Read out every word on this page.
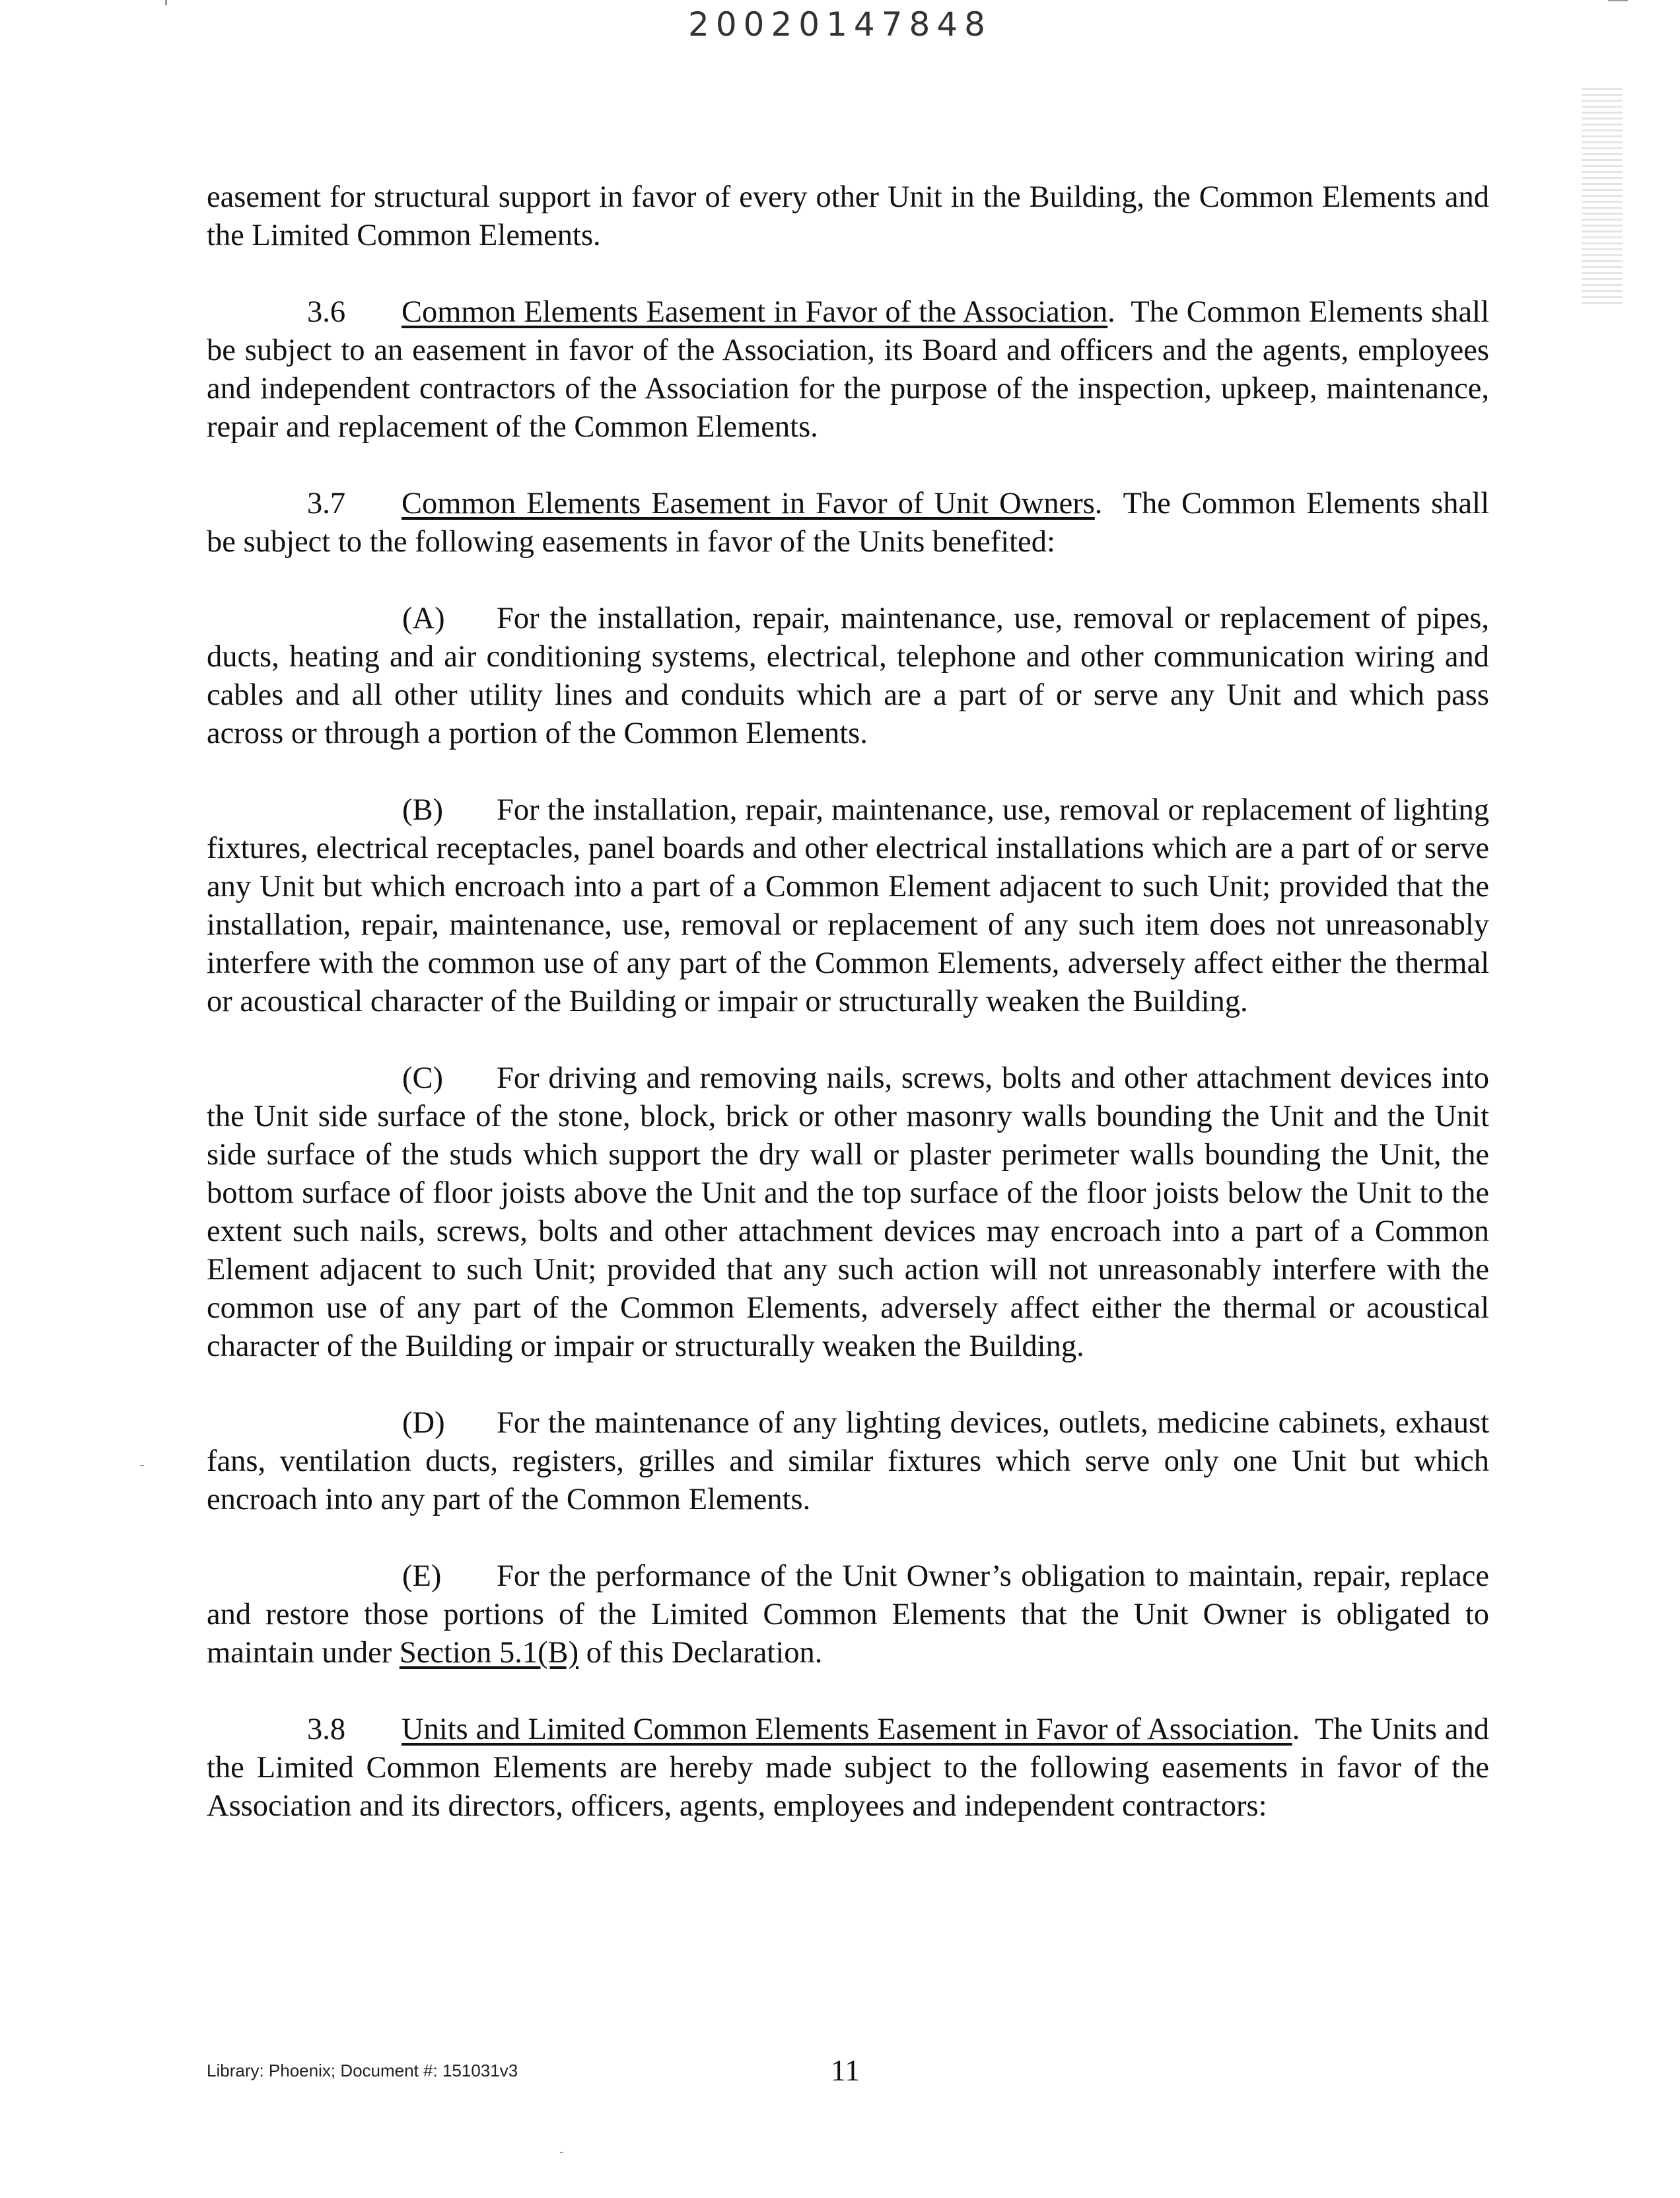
20020147848

easement for structural support in favor of every other Unit in the Building, the Common Elements and the Limited Common Elements.

3.6 Common Elements Easement in Favor of the Association.  The Common Elements shall be subject to an easement in favor of the Association, its Board and officers and the agents, employees and independent contractors of the Association for the purpose of the inspection, upkeep, maintenance, repair and replacement of the Common Elements.

3.7 Common Elements Easement in Favor of Unit Owners.  The Common Elements shall be subject to the following easements in favor of the Units benefited:

(A) For the installation, repair, maintenance, use, removal or replacement of pipes, ducts, heating and air conditioning systems, electrical, telephone and other communication wiring and cables and all other utility lines and conduits which are a part of or serve any Unit and which pass across or through a portion of the Common Elements.

(B) For the installation, repair, maintenance, use, removal or replacement of lighting fixtures, electrical receptacles, panel boards and other electrical installations which are a part of or serve any Unit but which encroach into a part of a Common Element adjacent to such Unit; provided that the installation, repair, maintenance, use, removal or replacement of any such item does not unreasonably interfere with the common use of any part of the Common Elements, adversely affect either the thermal or acoustical character of the Building or impair or structurally weaken the Building.

(C) For driving and removing nails, screws, bolts and other attachment devices into the Unit side surface of the stone, block, brick or other masonry walls bounding the Unit and the Unit side surface of the studs which support the dry wall or plaster perimeter walls bounding the Unit, the bottom surface of floor joists above the Unit and the top surface of the floor joists below the Unit to the extent such nails, screws, bolts and other attachment devices may encroach into a part of a Common Element adjacent to such Unit; provided that any such action will not unreasonably interfere with the common use of any part of the Common Elements, adversely affect either the thermal or acoustical character of the Building or impair or structurally weaken the Building.

(D) For the maintenance of any lighting devices, outlets, medicine cabinets, exhaust fans, ventilation ducts, registers, grilles and similar fixtures which serve only one Unit but which encroach into any part of the Common Elements.

(E) For the performance of the Unit Owner’s obligation to maintain, repair, replace and restore those portions of the Limited Common Elements that the Unit Owner is obligated to maintain under Section 5.1(B) of this Declaration.

3.8 Units and Limited Common Elements Easement in Favor of Association.  The Units and the Limited Common Elements are hereby made subject to the following easements in favor of the Association and its directors, officers, agents, employees and independent contractors:

Library: Phoenix; Document #: 151031v3	11
